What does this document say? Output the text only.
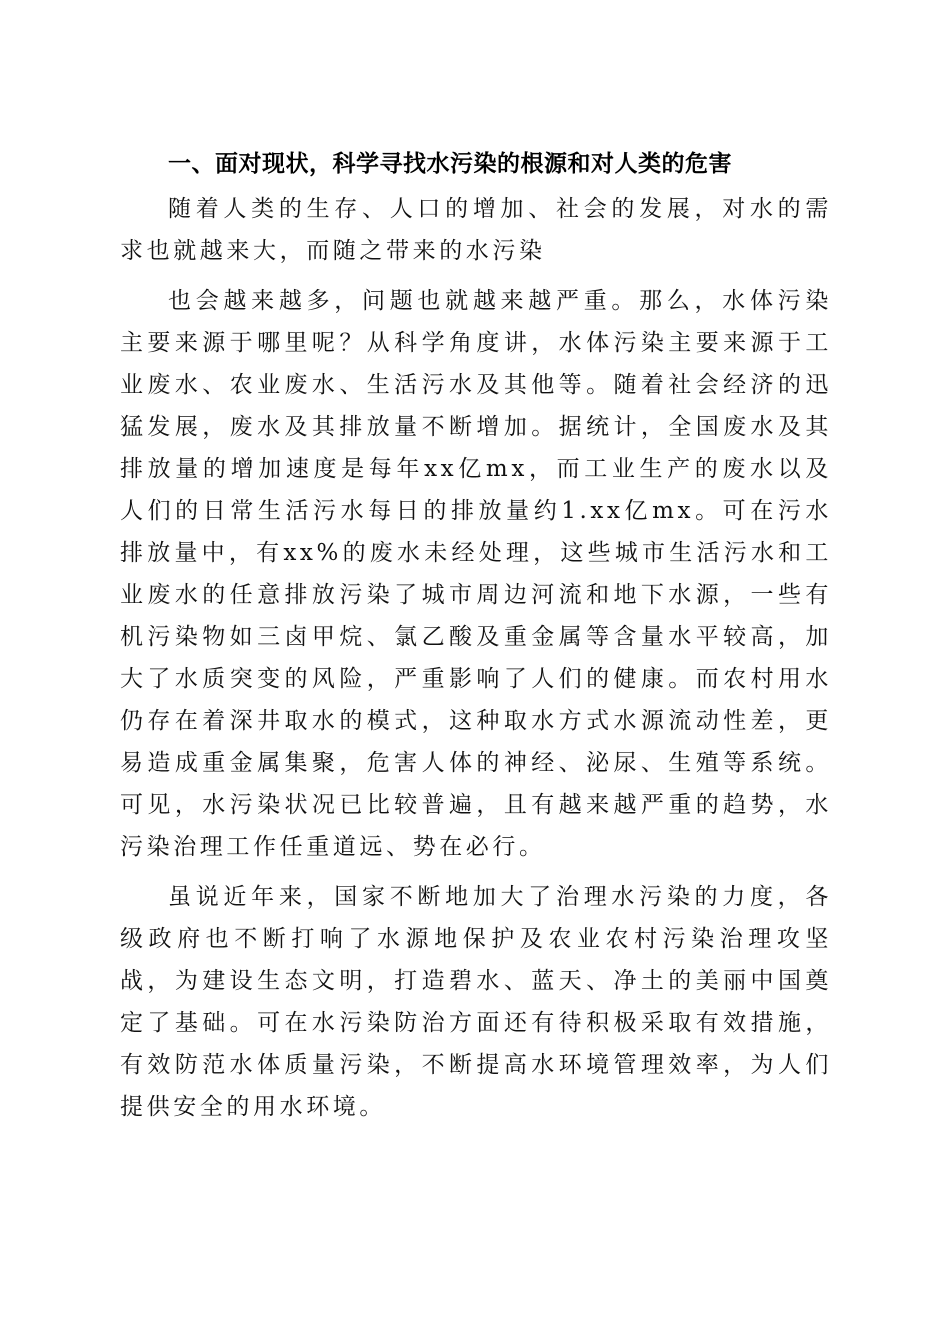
一、面对现状，科学寻找水污染的根源和对人类的危害

随着人类的生存、人口的增加、社会的发展，对水的需求也就越来大，而随之带来的水污染

也会越来越多，问题也就越来越严重。那么，水体污染主要来源于哪里呢？从科学角度讲，水体污染主要来源于工业废水、农业废水、生活污水及其他等。随着社会经济的迅猛发展，废水及其排放量不断增加。据统计，全国废水及其排放量的增加速度是每年xx亿mx，而工业生产的废水以及人们的日常生活污水每日的排放量约1.xx亿mx。可在污水排放量中，有xx%的废水未经处理，这些城市生活污水和工业废水的任意排放污染了城市周边河流和地下水源，一些有机污染物如三卤甲烷、氯乙酸及重金属等含量水平较高，加大了水质突变的风险，严重影响了人们的健康。而农村用水仍存在着深井取水的模式，这种取水方式水源流动性差，更易造成重金属集聚，危害人体的神经、泌尿、生殖等系统。可见，水污染状况已比较普遍，且有越来越严重的趋势，水污染治理工作任重道远、势在必行。

虽说近年来，国家不断地加大了治理水污染的力度，各级政府也不断打响了水源地保护及农业农村污染治理攻坚战，为建设生态文明，打造碧水、蓝天、净土的美丽中国奠定了基础。可在水污染防治方面还有待积极采取有效措施，有效防范水体质量污染，不断提高水环境管理效率，为人们提供安全的用水环境。
